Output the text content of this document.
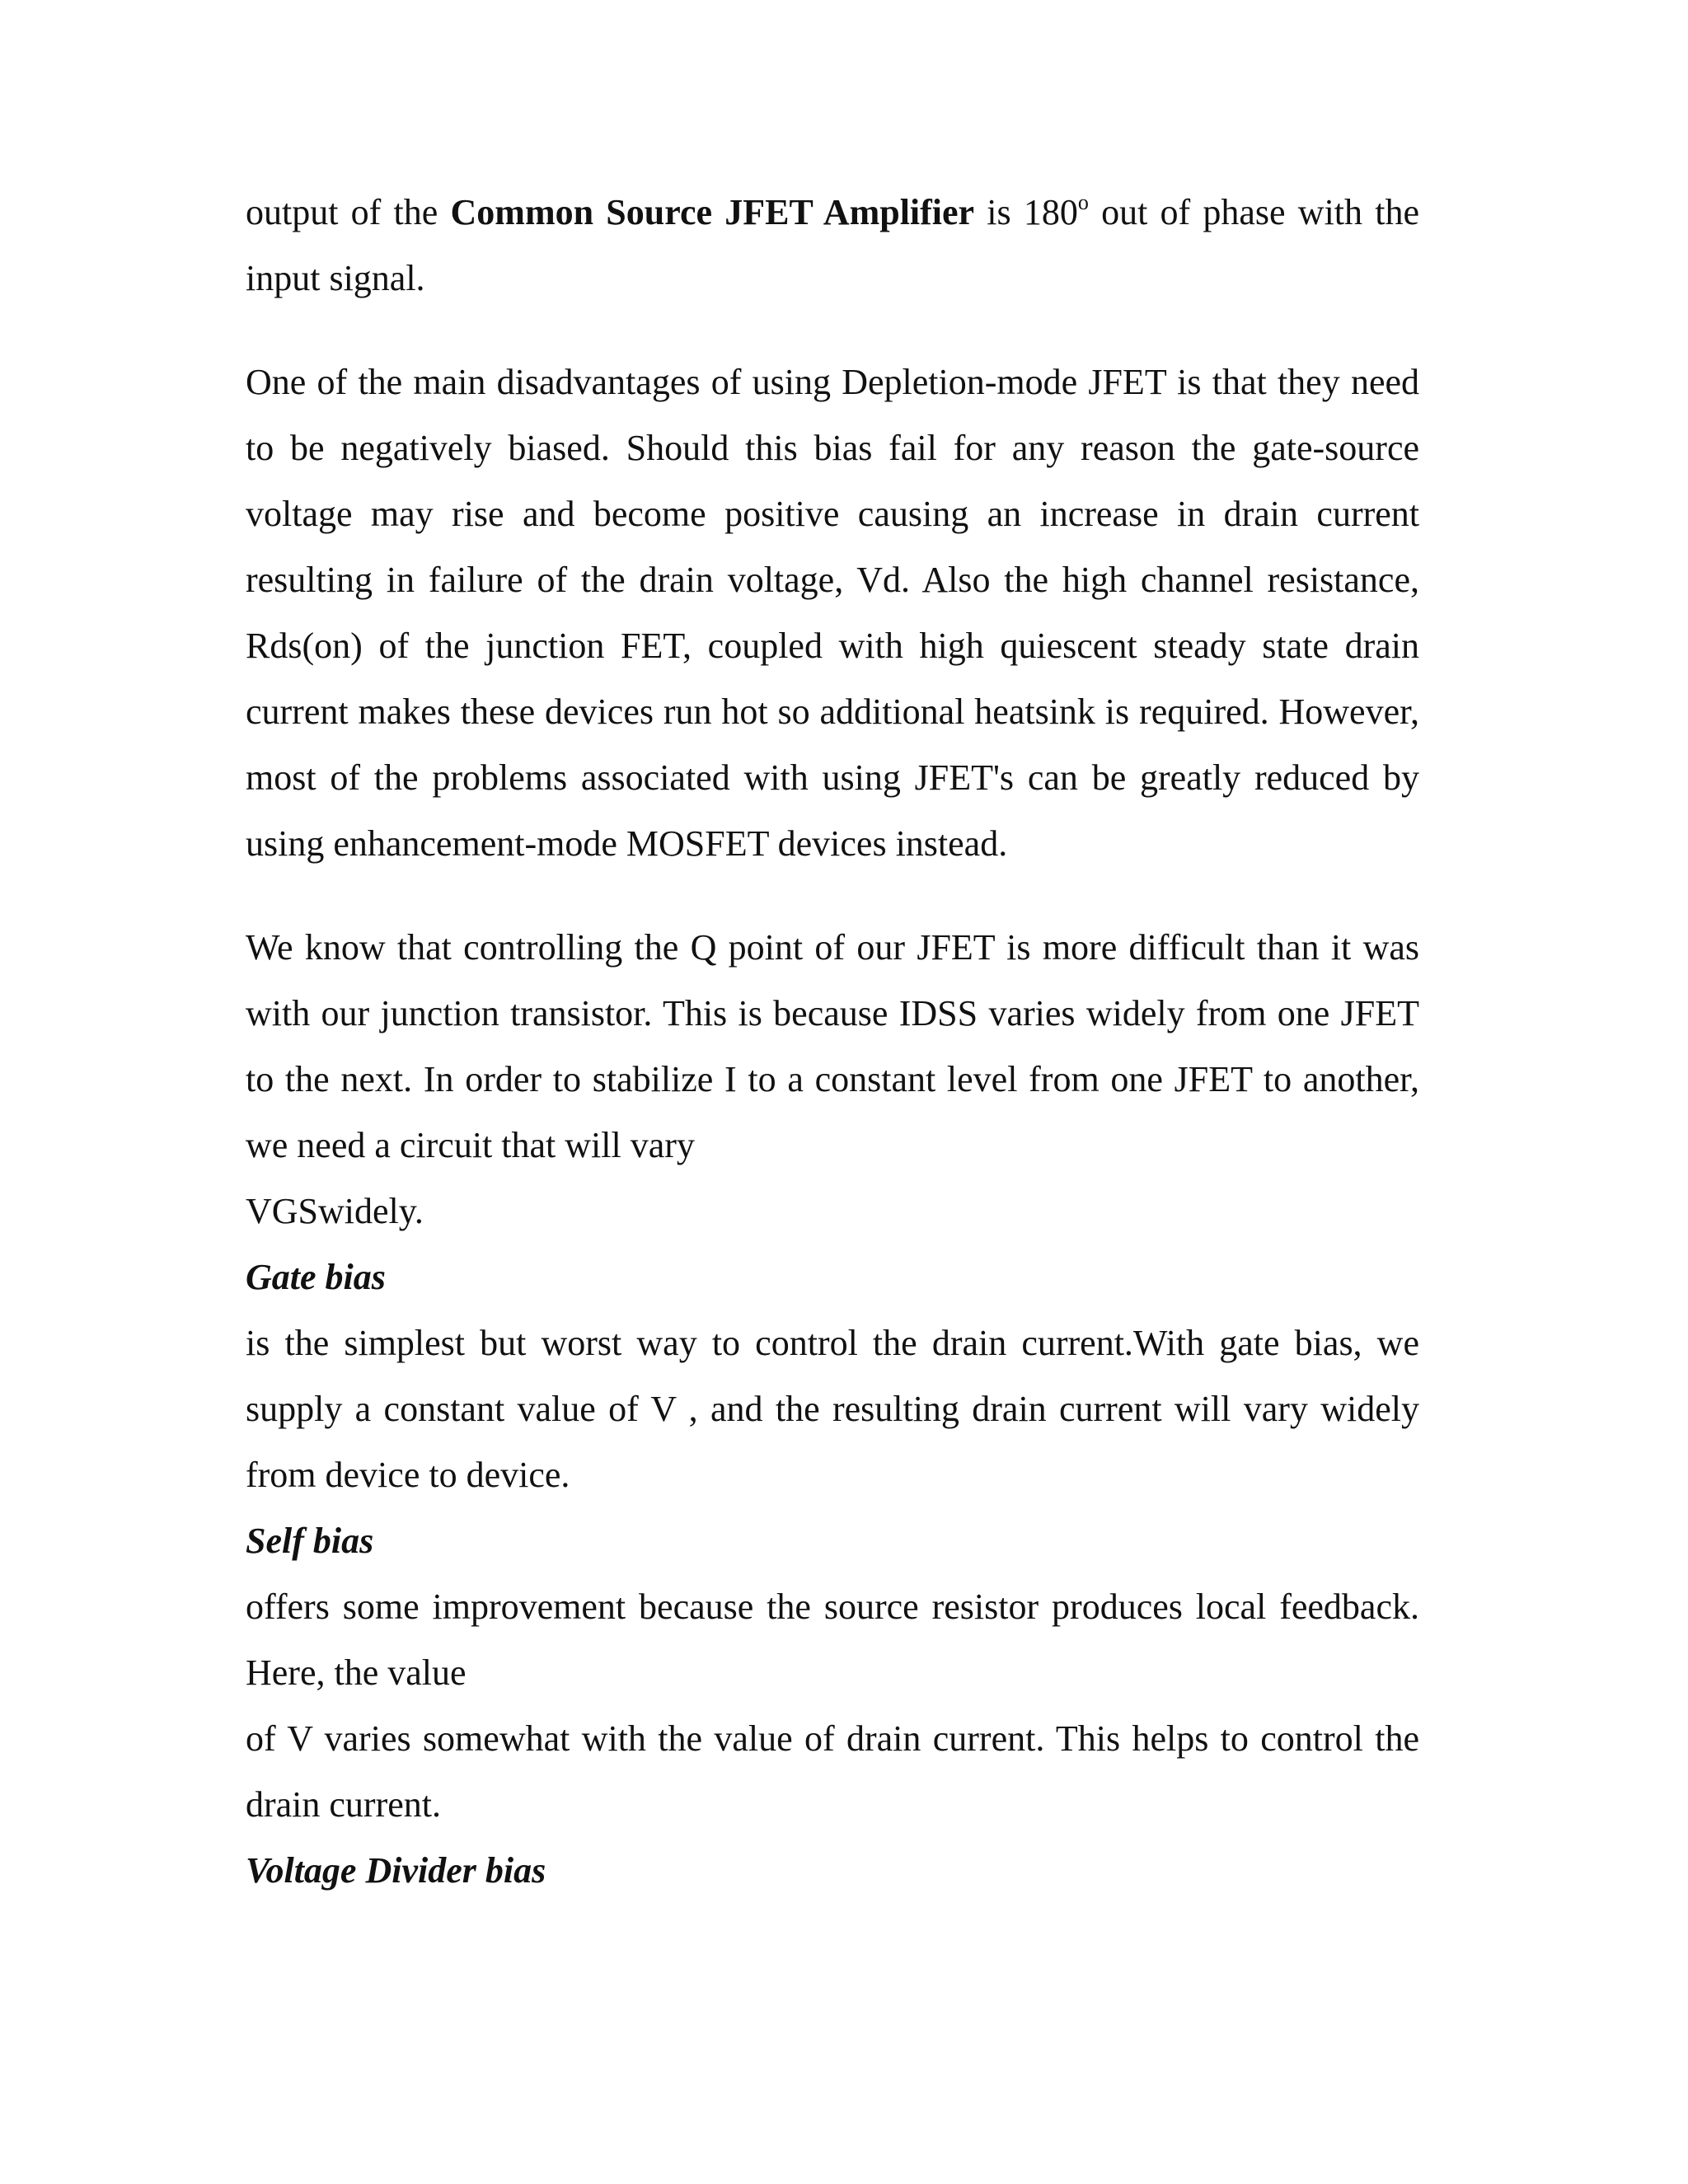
output of the Common Source JFET Amplifier is 180$^o$ out of phase with the input signal.

One of the main disadvantages of using Depletion-mode JFET is that they need to be negatively biased. Should this bias fail for any reason the gate-source voltage may rise and become positive causing an increase in drain current resulting in failure of the drain voltage, Vd. Also the high channel resistance, Rds(on) of the junction FET, coupled with high quiescent steady state drain current makes these devices run hot so additional heatsink is required. However, most of the problems associated with using JFET's can be greatly reduced by using enhancement-mode MOSFET devices instead.

We know that controlling the Q point of our JFET is more difficult than it was with our junction transistor. This is because IDSS varies widely from one JFET to the next. In order to stabilize I to a constant level from one JFET to another, we need a circuit that will vary

VGSwidely.

Gate bias

is the simplest but worst way to control the drain current.With gate bias, we supply a constant value of V , and the resulting drain current will vary widely from device to device.

Self bias

offers some improvement because the source resistor produces local feedback. Here, the value

of V varies somewhat with the value of drain current. This helps to control the drain current.

Voltage Divider bias
